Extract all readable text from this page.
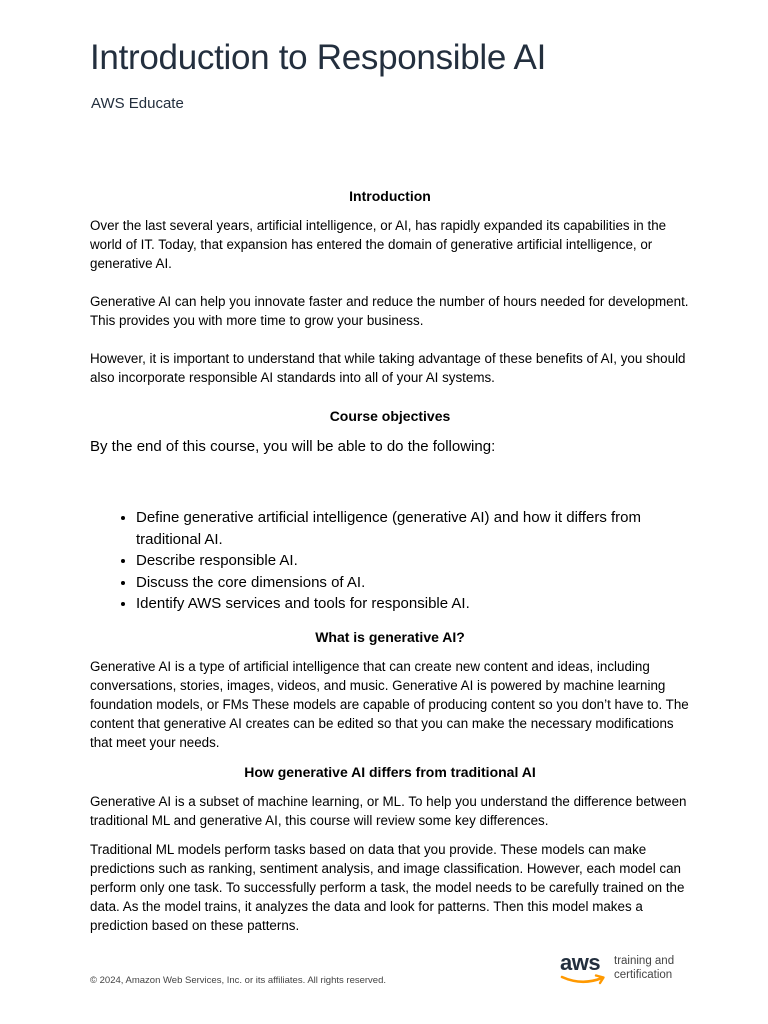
Introduction to Responsible AI
AWS Educate
Introduction

Over the last several years, artificial intelligence, or AI, has rapidly expanded its capabilities in the world of IT. Today, that expansion has entered the domain of generative artificial intelligence, or generative AI.

Generative AI can help you innovate faster and reduce the number of hours needed for development. This provides you with more time to grow your business.

However, it is important to understand that while taking advantage of these benefits of AI, you should also incorporate responsible AI standards into all of your AI systems.

Course objectives
By the end of this course, you will be able to do the following:
• Define generative artificial intelligence (generative AI) and how it differs from traditional AI.
• Describe responsible AI.
• Discuss the core dimensions of AI.
• Identify AWS services and tools for responsible AI.
What is generative AI?

Generative AI is a type of artificial intelligence that can create new content and ideas, including conversations, stories, images, videos, and music. Generative AI is powered by machine learning foundation models, or FMs These models are capable of producing content so you don’t have to. The content that generative AI creates can be edited so that you can make the necessary modifications that meet your needs.

How generative AI differs from traditional AI

Generative AI is a subset of machine learning, or ML. To help you understand the difference between traditional ML and generative AI, this course will review some key differences.

Traditional ML models perform tasks based on data that you provide. These models can make predictions such as ranking, sentiment analysis, and image classification. However, each model can perform only one task. To successfully perform a task, the model needs to be carefully trained on the data. As the model trains, it analyzes the data and look for patterns. Then this model makes a prediction based on these patterns.

© 2024, Amazon Web Services, Inc. or its affiliates. All rights reserved.
aws training and
certification
